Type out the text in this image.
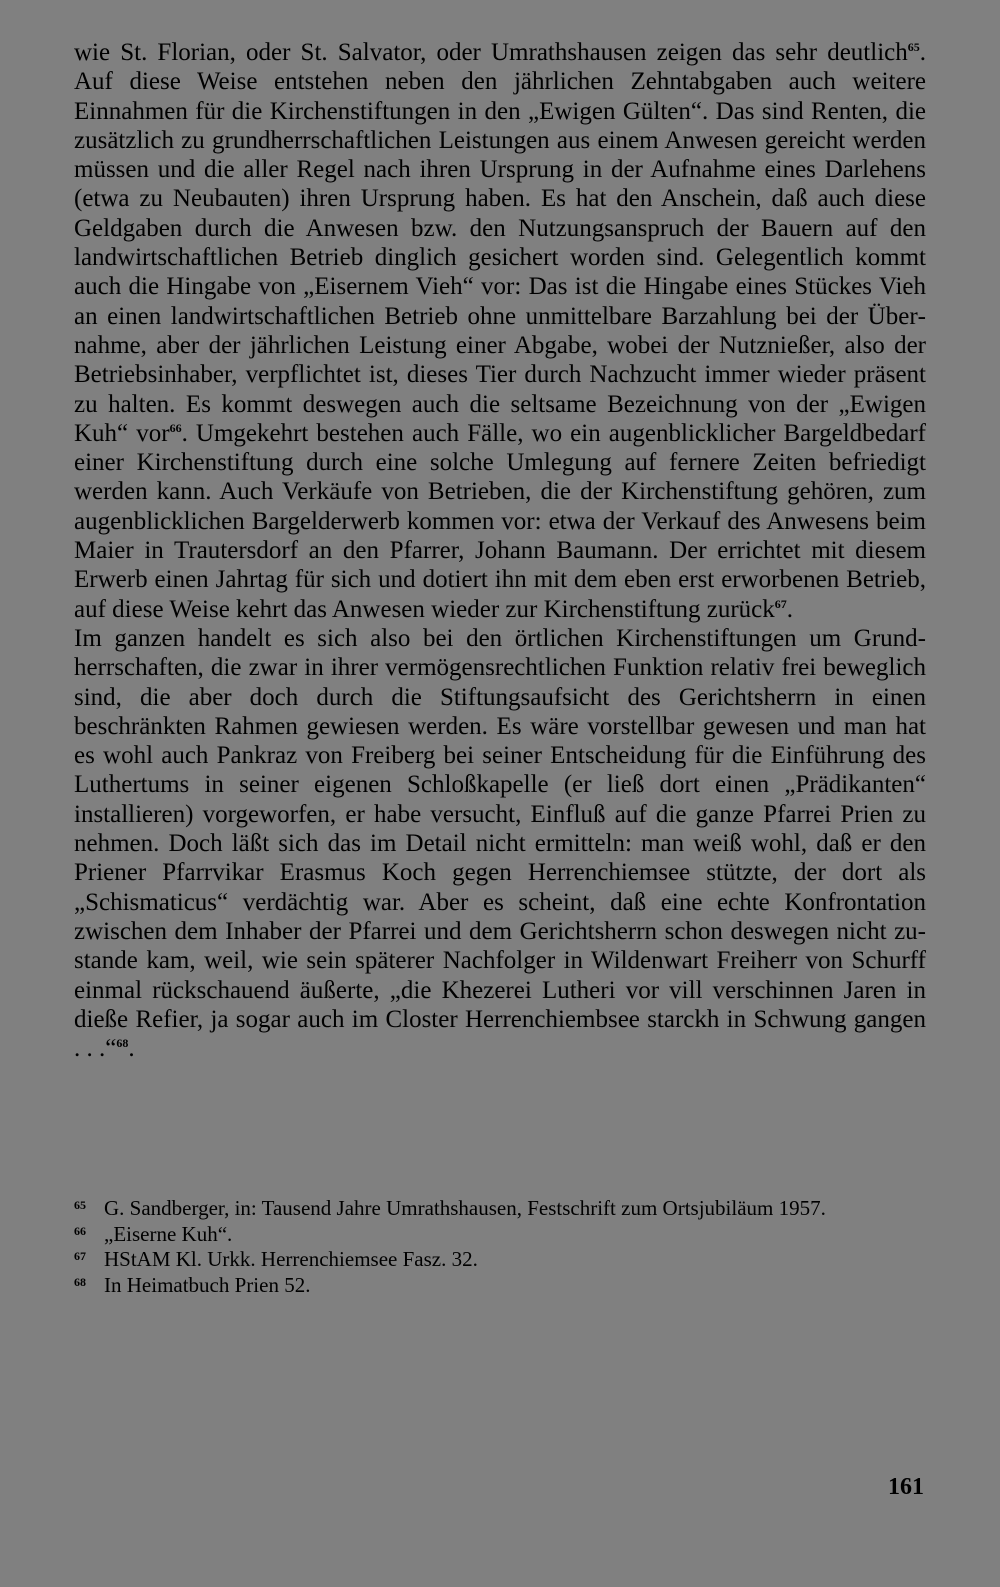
wie St. Florian, oder St. Salvator, oder Umrathshausen zeigen das sehr deutlich$^{65}$. Auf diese Weise entstehen neben den jährlichen Zehntabgaben auch weitere Einnahmen für die Kirchenstiftungen in den „Ewigen Gülten“. Das sind Renten, die zusätzlich zu grundherrschaftlichen Leistungen aus einem Anwesen gereicht werden müssen und die aller Regel nach ihren Ursprung in der Aufnahme eines Darlehens (etwa zu Neubauten) ihren Ursprung haben. Es hat den Anschein, daß auch diese Geldgaben durch die Anwesen bzw. den Nutzungsanspruch der Bauern auf den landwirtschaftlichen Betrieb dinglich gesichert worden sind. Gelegentlich kommt auch die Hingabe von „Eisernem Vieh“ vor: Das ist die Hingabe eines Stückes Vieh an einen landwirtschaftlichen Betrieb ohne unmittelbare Barzahlung bei der Übernahme, aber der jährlichen Leistung einer Abgabe, wobei der Nutznießer, also der Betriebsinhaber, verpflichtet ist, dieses Tier durch Nachzucht immer wieder präsent zu halten. Es kommt deswegen auch die seltsame Bezeichnung von der „Ewigen Kuh“ vor$^{66}$. Umgekehrt bestehen auch Fälle, wo ein augenblicklicher Bargeldbedarf einer Kirchenstiftung durch eine solche Umlegung auf fernere Zeiten befriedigt werden kann. Auch Verkäufe von Betrieben, die der Kirchenstiftung gehören, zum augenblicklichen Bargelderwerb kommen vor: etwa der Verkauf des Anwesens beim Maier in Trautersdorf an den Pfarrer, Johann Baumann. Der errichtet mit diesem Erwerb einen Jahrtag für sich und dotiert ihn mit dem eben erst erworbenen Betrieb, auf diese Weise kehrt das Anwesen wieder zur Kirchenstiftung zurück$^{67}$.

Im ganzen handelt es sich also bei den örtlichen Kirchenstiftungen um Grundherrschaften, die zwar in ihrer vermögensrechtlichen Funktion relativ frei beweglich sind, die aber doch durch die Stiftungsaufsicht des Gerichtsherrn in einen beschränkten Rahmen gewiesen werden. Es wäre vorstellbar gewesen und man hat es wohl auch Pankraz von Freiberg bei seiner Entscheidung für die Einführung des Luthertums in seiner eigenen Schloßkapelle (er ließ dort einen „Prädikanten“ installieren) vorgeworfen, er habe versucht, Einfluß auf die ganze Pfarrei Prien zu nehmen. Doch läßt sich das im Detail nicht ermitteln: man weiß wohl, daß er den Priener Pfarrvikar Erasmus Koch gegen Herrenchiemsee stützte, der dort als „Schismaticus“ verdächtig war. Aber es scheint, daß eine echte Konfrontation zwischen dem Inhaber der Pfarrei und dem Gerichtsherrn schon deswegen nicht zustande kam, weil, wie sein späterer Nachfolger in Wildenwart Freiherr von Schurff einmal rückschauend äußerte, „die Khezerei Lutheri vor vill verschinnen Jaren in dieße Refier, ja sogar auch im Closter Herrenchiembsee starckh in Schwung gangen . . .“$^{68}$.

65 G. Sandberger, in: Tausend Jahre Umrathshausen, Festschrift zum Ortsjubiläum 1957.

66 „Eiserne Kuh“.

67 HStAM Kl. Urkk. Herrenchiemsee Fasz. 32.

68 In Heimatbuch Prien 52.

161
